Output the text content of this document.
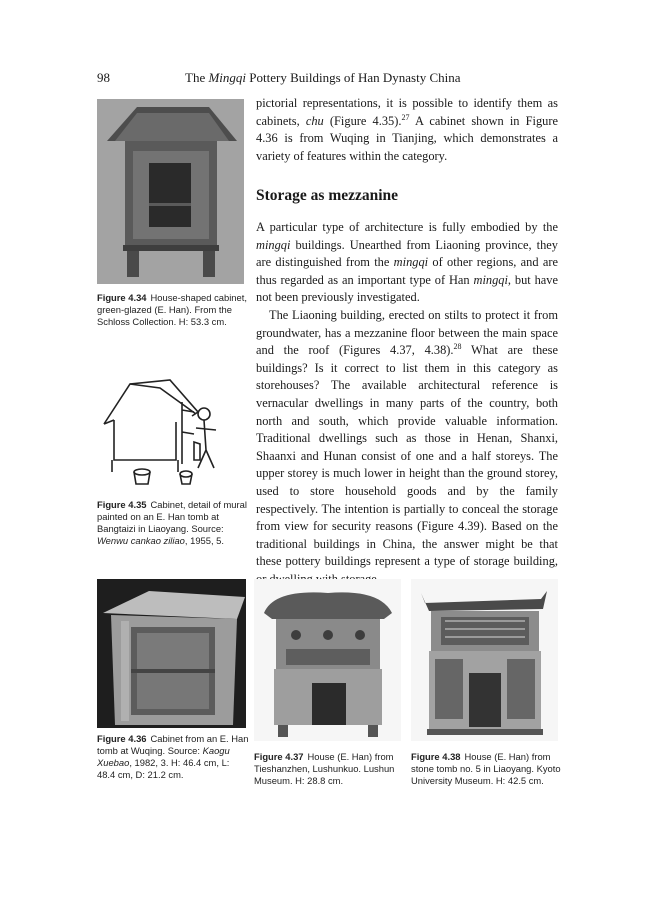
98	The Mingqi Pottery Buildings of Han Dynasty China
Figure 4.34 House-shaped cabinet, green-glazed (E. Han). From the Schloss Collection. H: 53.3 cm.
Figure 4.35 Cabinet, detail of mural painted on an E. Han tomb at Bangtaizi in Liaoyang. Source: Wenwu cankao ziliao, 1955, 5.

pictorial representations, it is possible to identify them as cabinets, chu (Figure 4.35).$^{27}$ A cabinet shown in Figure 4.36 is from Wuqing in Tianjing, which demonstrates a variety of features within the category.

Storage as mezzanine

A particular type of architecture is fully embodied by the mingqi buildings. Unearthed from Liaoning province, they are distinguished from the mingqi of other regions, and are thus regarded as an important type of Han mingqi, but have not been previously investigated.

The Liaoning building, erected on stilts to protect it from groundwater, has a mezzanine floor between the main space and the roof (Figures 4.37, 4.38).$^{28}$ What are these buildings? Is it correct to list them in this category as storehouses? The available architectural reference is vernacular dwellings in many parts of the country, both north and south, which provide valuable information. Traditional dwellings such as those in Henan, Shanxi, Shaanxi and Hunan consist of one and a half storeys. The upper storey is much lower in height than the ground storey, used to store household goods and by the family respectively. The intention is partially to conceal the storage from view for security reasons (Figure 4.39). Based on the traditional buildings in China, the answer might be that these pottery buildings represent a type of storage building,

Figure 4.36 Cabinet from an E. Han tomb at Wuqing. Source: Kaogu Xuebao, 1982, 3. H: 46.4 cm, L: 48.4 cm, D: 21.2 cm.
Figure 4.37 House (E. Han) from Tieshanzhen, Lushunkuo. Lushun Museum. H: 28.8 cm.
Figure 4.38 House (E. Han) from stone tomb no. 5 in Liaoyang. Kyoto University Museum. H: 42.5 cm.
